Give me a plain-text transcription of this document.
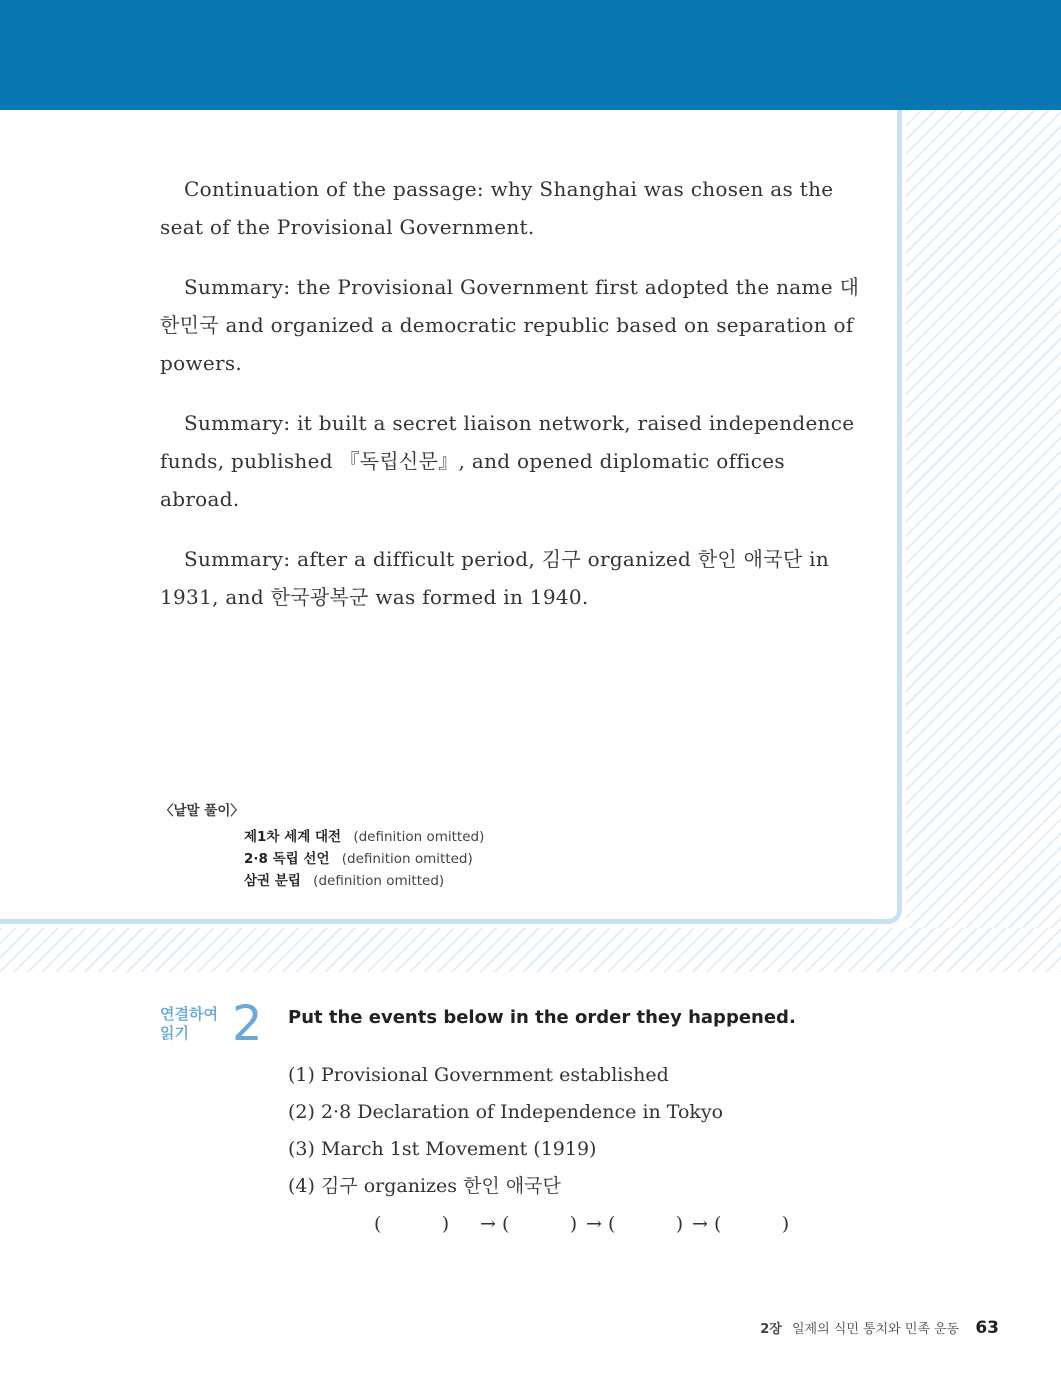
Continuation of the passage: why Shanghai was chosen as the seat of the Provisional Government.

Summary: the Provisional Government first adopted the name 대한민국 and organized a democratic republic based on separation of powers.

Summary: it built a secret liaison network, raised independence funds, published 『독립신문』, and opened diplomatic offices abroad.

Summary: after a difficult period, 김구 organized 한인 애국단 in 1931, and 한국광복군 was formed in 1940.

〈낱말 풀이〉
제1차 세계 대전 (definition omitted)
2·8 독립 선언 (definition omitted)
삼권 분립 (definition omitted)
연결하여 읽기 2 Put the events below in the order they happened.
(1) Provisional Government established
(2) 2·8 Declaration of Independence in Tokyo
(3) March 1st Movement (1919)
(4) 김구 organizes 한인 애국단
(          )	→ (          ) → (          ) → (          )
2장 일제의 식민 통치와 민족 운동 63
